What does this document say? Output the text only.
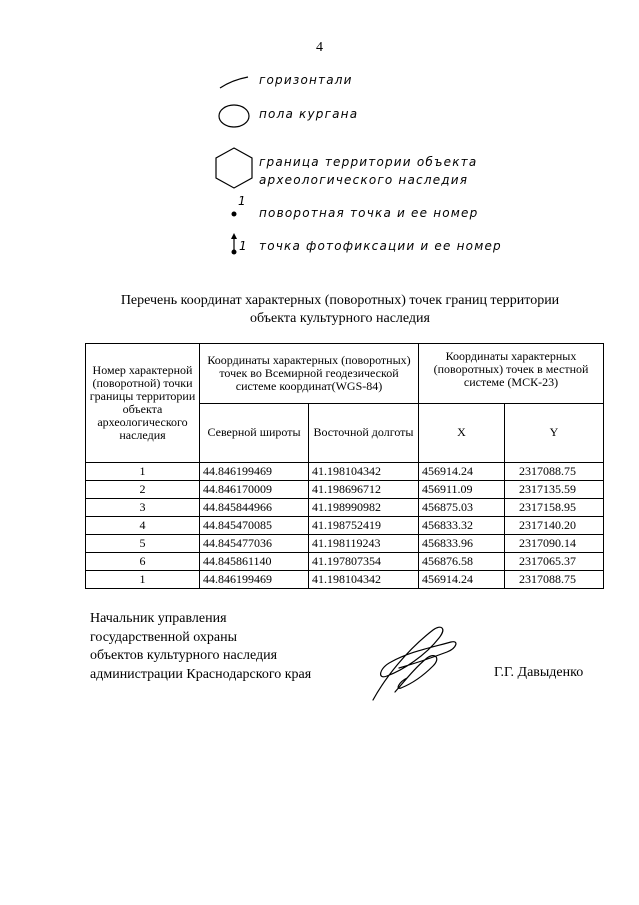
4
горизонтали
пола кургана
граница территории объекта
археологического наследия
1
поворотная точка и ее номер
1 точка фотофиксации и ее номер
Перечень координат характерных (поворотных) точек границ территории
объекта культурного наследия
Номер характерной (поворотной) точки границы территории объекта археологического наследия	Координаты характерных (поворотных) точек во Всемирной геодезической системе координат(WGS-84)		Координаты характерных (поворотных) точек в местной системе (МСК-23)	
	Северной широты	Восточной долготы	X	Y
1	44.846199469	41.198104342	456914.24	2317088.75
2	44.846170009	41.198696712	456911.09	2317135.59
3	44.845844966	41.198990982	456875.03	2317158.95
4	44.845470085	41.198752419	456833.32	2317140.20
5	44.845477036	41.198119243	456833.96	2317090.14
6	44.845861140	41.197807354	456876.58	2317065.37
1	44.846199469	41.198104342	456914.24	2317088.75
Начальник управления
государственной охраны
объектов культурного наследия
администрации Краснодарского края	Г.Г. Давыденко
